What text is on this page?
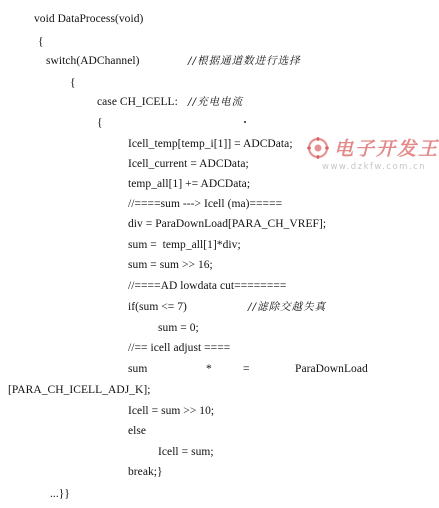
void DataProcess(void)
{
switch(ADChannel)	//根据通道数进行选择
{
case CH_ICELL: //充电电流
{
Icell_temp[temp_i[1]] = ADCData;
Icell_current = ADCData;
temp_all[1] += ADCData;
//====sum ---> Icell (ma)=====
div = ParaDownLoad[PARA_CH_VREF];
sum =  temp_all[1]*div;
sum = sum >> 16;
//====AD lowdata cut========
if(sum <= 7)	//滤除交越失真
sum = 0;
//== icell adjust ====
sum	*	=	ParaDownLoad
[PARA_CH_ICELL_ADJ_K];
Icell = sum >> 10;
else
Icell = sum;
break;}
...}}
电子开发王
www.dzkfw.com.cn
